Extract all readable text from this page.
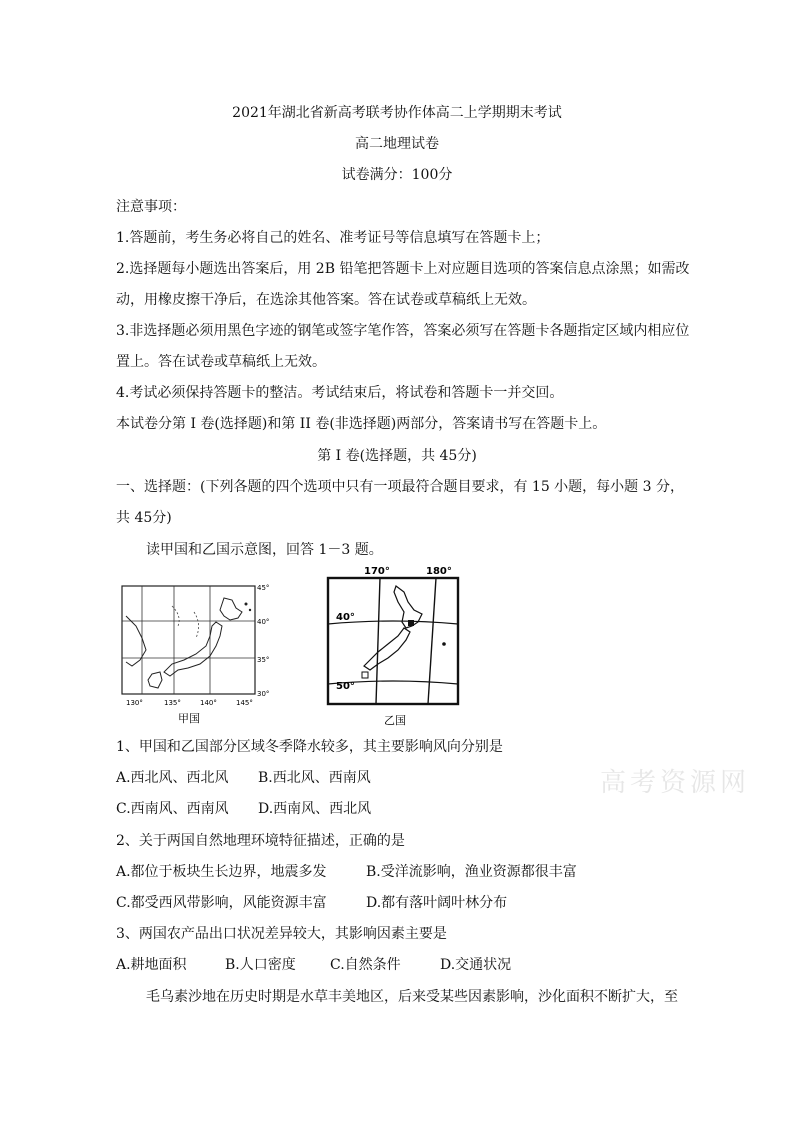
2021年湖北省新高考联考协作体高二上学期期末考试
高二地理试卷
试卷满分：100分
注意事项：
1.答题前，考生务必将自己的姓名、准考证号等信息填写在答题卡上；
2.选择题每小题选出答案后，用 2B 铅笔把答题卡上对应题目选项的答案信息点涂黑；如需改
动，用橡皮擦干净后，在选涂其他答案。答在试卷或草稿纸上无效。
3.非选择题必须用黑色字迹的钢笔或签字笔作答，答案必须写在答题卡各题指定区域内相应位
置上。答在试卷或草稿纸上无效。
4.考试必须保持答题卡的整洁。考试结束后，将试卷和答题卡一并交回。
本试卷分第 I 卷(选择题)和第 II 卷(非选择题)两部分，答案请书写在答题卡上。
第 I 卷(选择题，共 45分)
一、选择题：(下列各题的四个选项中只有一项最符合题目要求，有 15 小题，每小题 3 分，
共 45分)
读甲国和乙国示意图，回答 1－3 题。
45°
40°
35°
30°
130°	135°	140°	145°
甲国
170°	180°
40°
50°
乙国
1、甲国和乙国部分区域冬季降水较多，其主要影响风向分别是
A.西北风、西北风 B.西北风、西南风
C.西南风、西南风 D.西南风、西北风
2、关于两国自然地理环境特征描述，正确的是
A.都位于板块生长边界，地震多发	B.受洋流影响，渔业资源都很丰富
C.都受西风带影响，风能资源丰富	D.都有落叶阔叶林分布
3、两国农产品出口状况差异较大，其影响因素主要是
A.耕地面积	B.人口密度 C.自然条件	D.交通状况
毛乌素沙地在历史时期是水草丰美地区，后来受某些因素影响，沙化面积不断扩大，至
高考资源网
